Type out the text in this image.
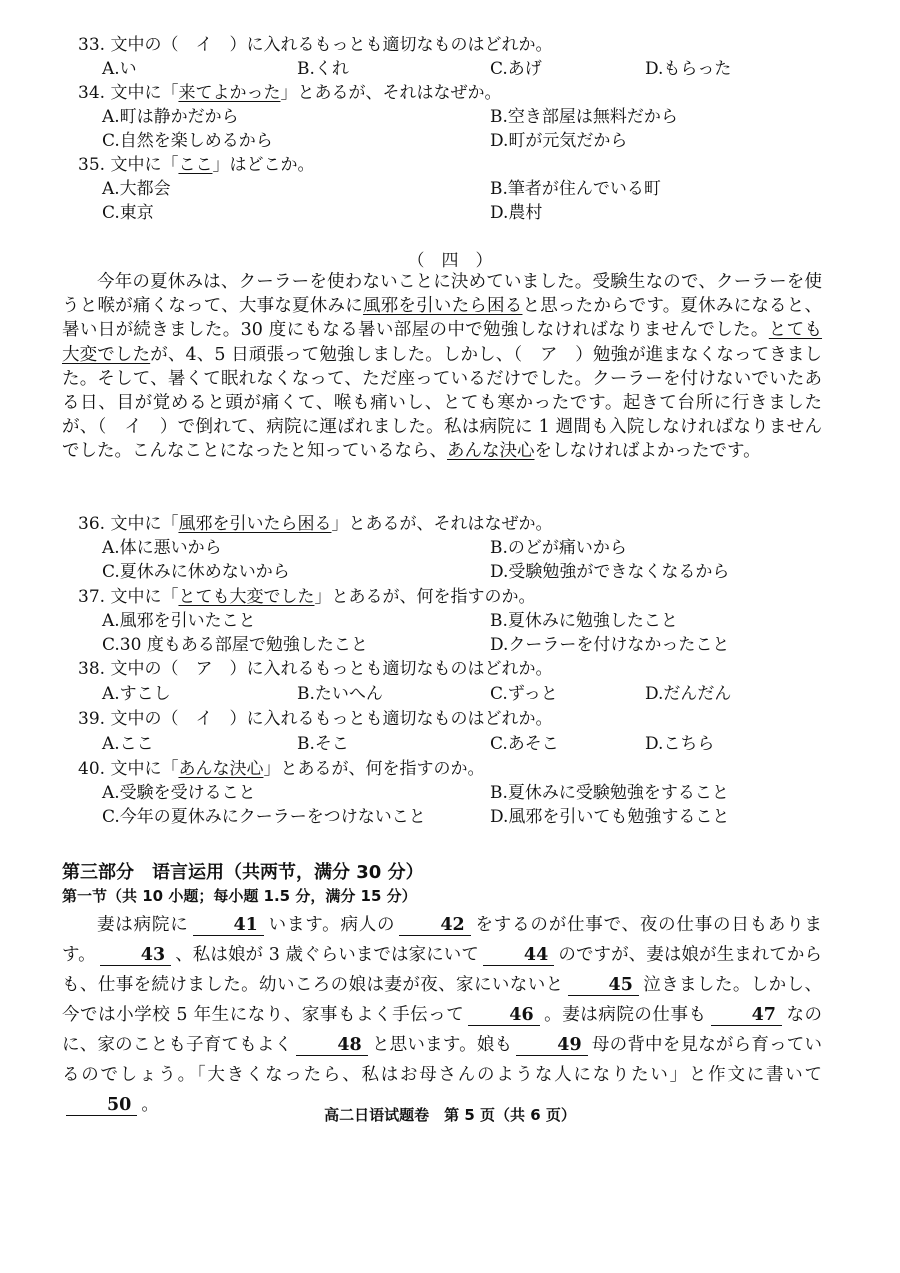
33. 文中の（　イ　）に入れるもっとも適切なものはどれか。
A.い	B.くれ	C.あげ	D.もらった
34. 文中に「来てよかった」とあるが、それはなぜか。
A.町は静かだから	B.空き部屋は無料だから
C.自然を楽しめるから	D.町が元気だから
35. 文中に「ここ」はどこか。
A.大都会	B.筆者が住んでいる町
C.東京	D.農村
（　四　）

今年の夏休みは、クーラーを使わないことに決めていました。受験生なので、クーラーを使うと喉が痛くなって、大事な夏休みに風邪を引いたら困ると思ったからです。夏休みになると、暑い日が続きました。30 度にもなる暑い部屋の中で勉強しなければなりませんでした。とても大変でしたが、4、5 日頑張って勉強しました。しかし、（　ア　）勉強が進まなくなってきました。そして、暑くて眠れなくなって、ただ座っているだけでした。クーラーを付けないでいたある日、目が覚めると頭が痛くて、喉も痛いし、とても寒かったです。起きて台所に行きましたが、（　イ　）で倒れて、病院に運ばれました。私は病院に 1 週間も入院しなければなりませんでした。こんなことになったと知っているなら、あんな決心をしなければよかったです。

36. 文中に「風邪を引いたら困る」とあるが、それはなぜか。
A.体に悪いから	B.のどが痛いから
C.夏休みに休めないから	D.受験勉強ができなくなるから
37. 文中に「とても大変でした」とあるが、何を指すのか。
A.風邪を引いたこと	B.夏休みに勉強したこと
C.30 度もある部屋で勉強したこと	D.クーラーを付けなかったこと
38. 文中の（　ア　）に入れるもっとも適切なものはどれか。
A.すこし	B.たいへん	C.ずっと	D.だんだん
39. 文中の（　イ　）に入れるもっとも適切なものはどれか。
A.ここ	B.そこ	C.あそこ	D.こちら
40. 文中に「あんな決心」とあるが、何を指すのか。
A.受験を受けること	B.夏休みに受験勉強をすること
C.今年の夏休みにクーラーをつけないこと	D.風邪を引いても勉強すること
第三部分　语言运用（共两节，满分 30 分）
第一节（共 10 小题；每小题 1.5 分，满分 15 分）
妻は病院に	41 います。病人の	42 をするのが仕事で、夜の仕事の日もあります。	43 、私は娘が 3 歳ぐらいまでは家にいて	44 のですが、妻は娘が生まれてからも、仕事を続けました。幼いころの娘は妻が夜、家にいないと	45 泣きました。しかし、今では小学校 5 年生になり、家事もよく手伝って	46 。妻は病院の仕事も	47 なのに、家のことも子育てもよく	48 と思います。娘も	49 母の背中を見ながら育っているのでしょう。「大きくなったら、私はお母さんのような人になりたい」と作文に書いて50 。	高二日语试题卷　第 5 页（共 6 页）
